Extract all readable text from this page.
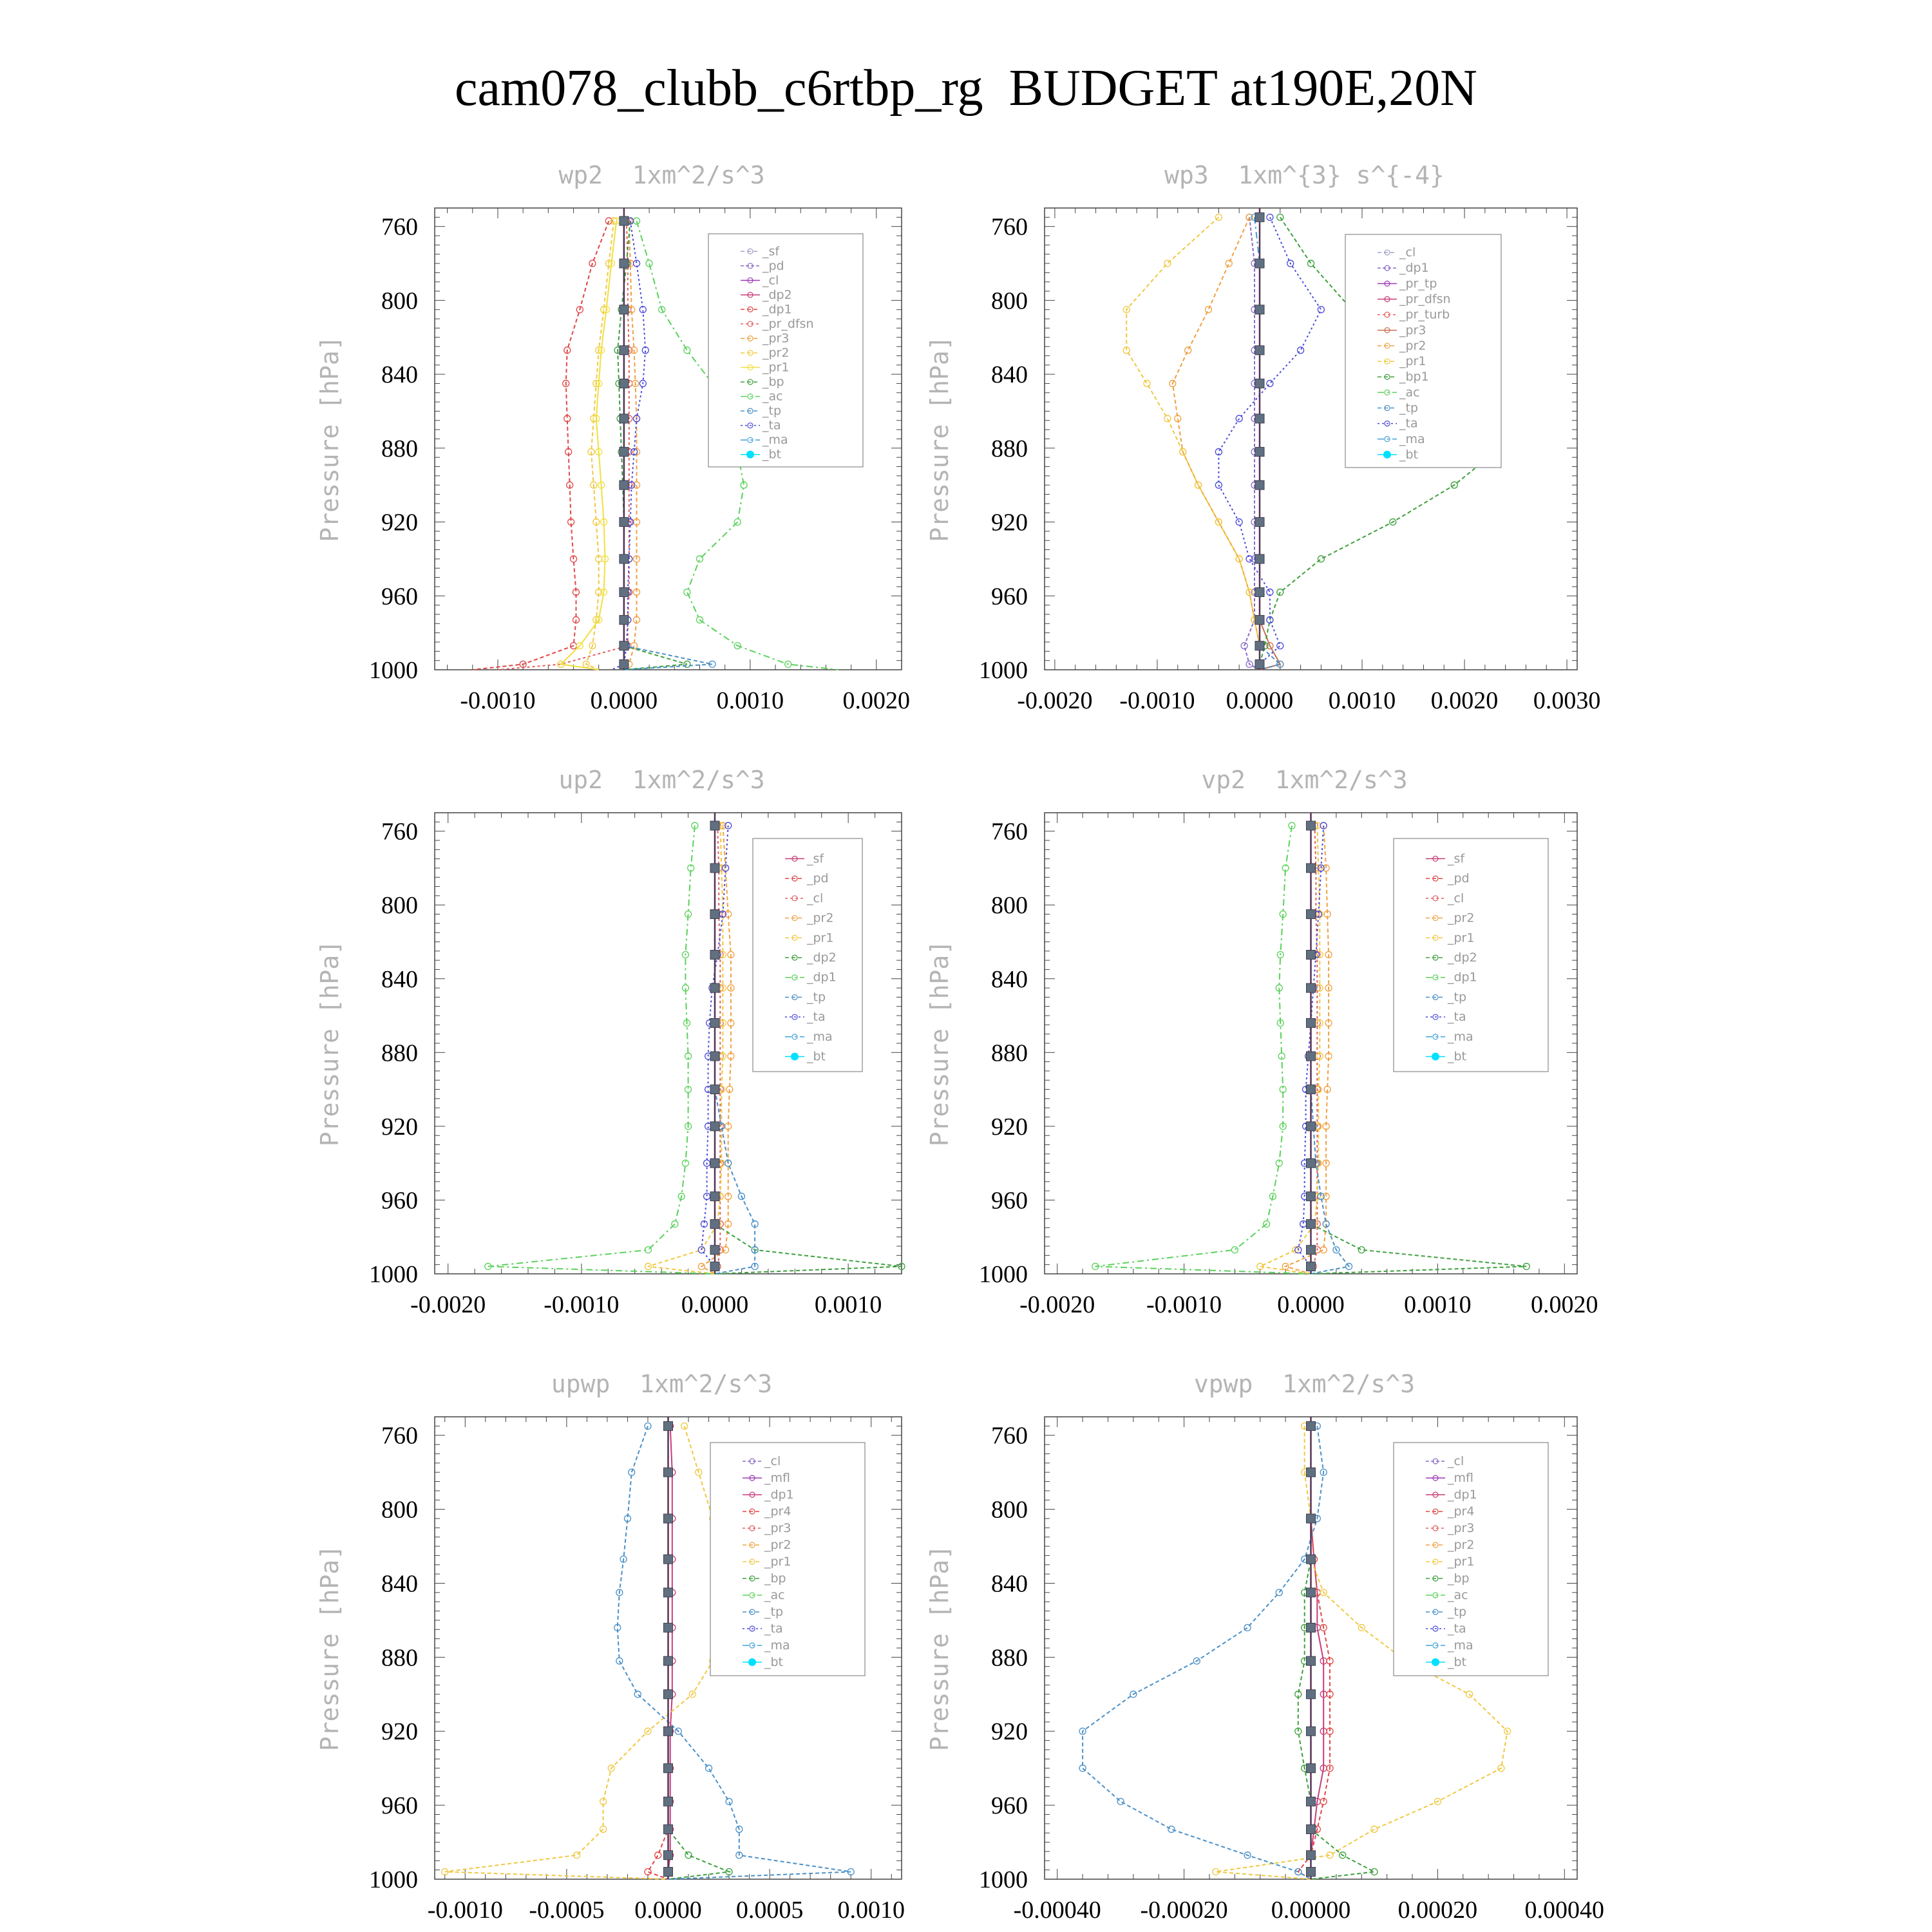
cam078_clubb_c6rtbp_rg  BUDGET at190E,20N
wp2  1xm^2/s^3
Pressure [hPa]
760
800
840
880
920
960
1000
-0.0010 0.0000 0.0010 0.0020
_sf
_pd
_cl
_dp2
_dp1
_pr_dfsn
_pr3
_pr2
_pr1
_bp
_ac
_tp
_ta
_ma
_bt
wp3  1xm^{3} s^{-4}
Pressure [hPa]
760
800
840
880
920
960
1000
-0.0020 -0.0010 0.0000 0.0010 0.0020 0.0030
_cl
_dp1
_pr_tp
_pr_dfsn
_pr_turb
_pr3
_pr2
_pr1
_bp1
_ac
_tp
_ta
_ma
_bt
up2  1xm^2/s^3
Pressure [hPa]
760
800
840
880
920
960
1000
-0.0020 -0.0010	0.0000	0.0010
_sf
_pd
_cl
_pr2
_pr1
_dp2
_dp1
_tp
_ta
_ma
_bt
vp2  1xm^2/s^3
Pressure [hPa]
760
800
840
880
920
960
1000
-0.0020 -0.0010 0.0000 0.0010 0.0020
_sf
_pd
_cl
_pr2
_pr1
_dp2
_dp1
_tp
_ta
_ma
_bt
upwp  1xm^2/s^3
Pressure [hPa]
760
800
840
880
920
960
1000
-0.0010 -0.0005 0.0000 0.0005 0.0010
_cl
_mfl
_dp1
_pr4
_pr3
_pr2
_pr1
_bp
_ac
_tp
_ta
_ma
_bt
vpwp  1xm^2/s^3
Pressure [hPa]
760
800
840
880
920
960
1000
-0.00040 -0.00020 0.00000 0.00020 0.00040
_cl
_mfl
_dp1
_pr4
_pr3
_pr2
_pr1
_bp
_ac
_tp
_ta
_ma
_bt
